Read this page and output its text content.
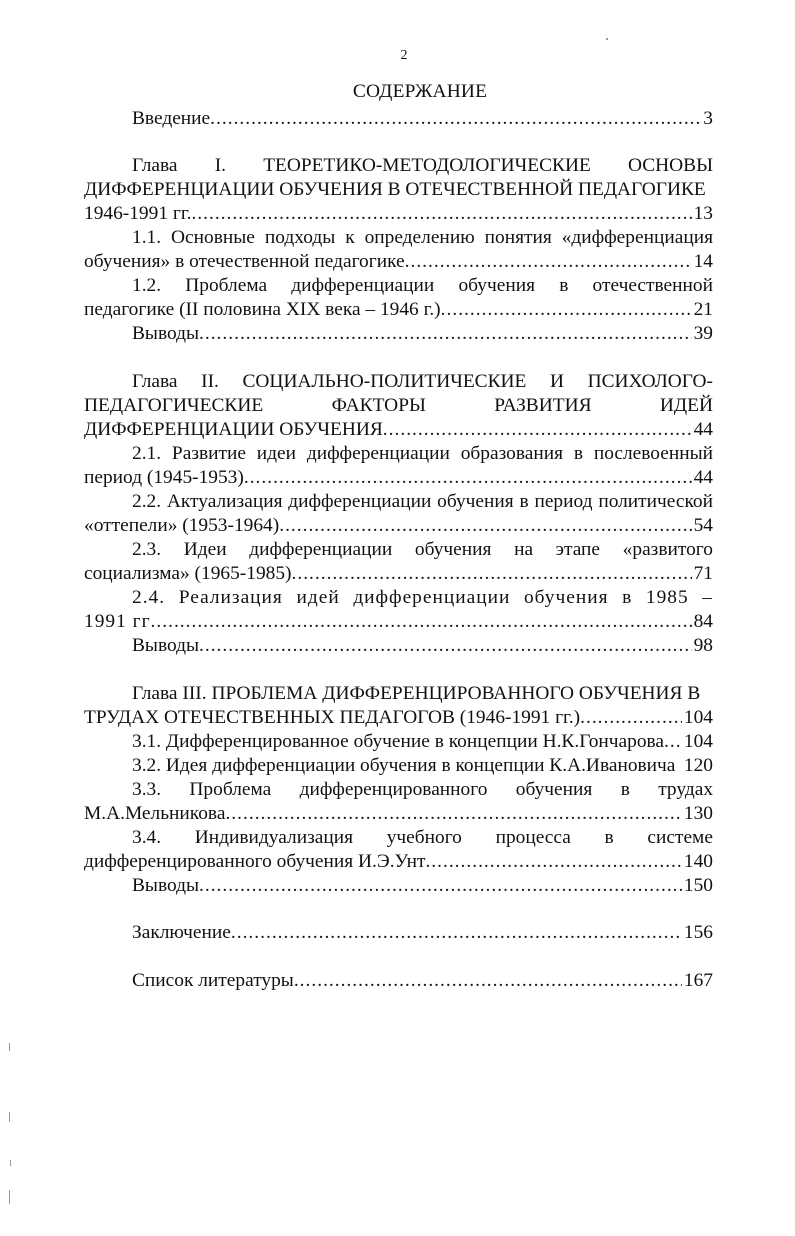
2
СОДЕРЖАНИЕ
Введение .....	3
Глава I. ТЕОРЕТИКО-МЕТОДОЛОГИЧЕСКИЕ ОСНОВЫ
ДИФФЕРЕНЦИАЦИИ ОБУЧЕНИЯ В ОТЕЧЕСТВЕННОЙ ПЕДАГОГИКЕ
1946-1991 гг. .....	13
1.1. Основные подходы к определению понятия «дифференциация
обучения» в отечественной педагогике .....	14
1.2. Проблема дифференциации обучения в отечественной
педагогике (II половина XIX века – 1946 г.) .....	21
Выводы .....	39
Глава II. СОЦИАЛЬНО-ПОЛИТИЧЕСКИЕ И ПСИХОЛОГО-
ПЕДАГОГИЧЕСКИЕ	ФАКТОРЫ	РАЗВИТИЯ	ИДЕЙ
ДИФФЕРЕНЦИАЦИИ ОБУЧЕНИЯ .....	44
2.1. Развитие идеи дифференциации образования в послевоенный
период (1945-1953) .....	44
2.2. Актуализация дифференциации обучения в период политической
«оттепели» (1953-1964) .....	54
2.3. Идеи дифференциации обучения на этапе «развитого
социализма» (1965-1985) .....	71
2.4. Реализация идей дифференциации обучения в 1985 –
1991 гг .....	84
Выводы .....	98
Глава III. ПРОБЛЕМА ДИФФЕРЕНЦИРОВАННОГО ОБУЧЕНИЯ В
ТРУДАХ ОТЕЧЕСТВЕННЫХ ПЕДАГОГОВ (1946-1991 гг.) .....	104
3.1. Дифференцированное обучение в концепции Н.К.Гончарова ..... 104
3.2. Идея дифференциации обучения в концепции К.А.Ивановича 120
3.3. Проблема дифференцированного обучения в трудах
М.А.Мельникова .....	130
3.4. Индивидуализация учебного процесса в системе
дифференцированного обучения И.Э.Унт .....	140
Выводы .....	150
Заключение .....	156
Список литературы .....	167
